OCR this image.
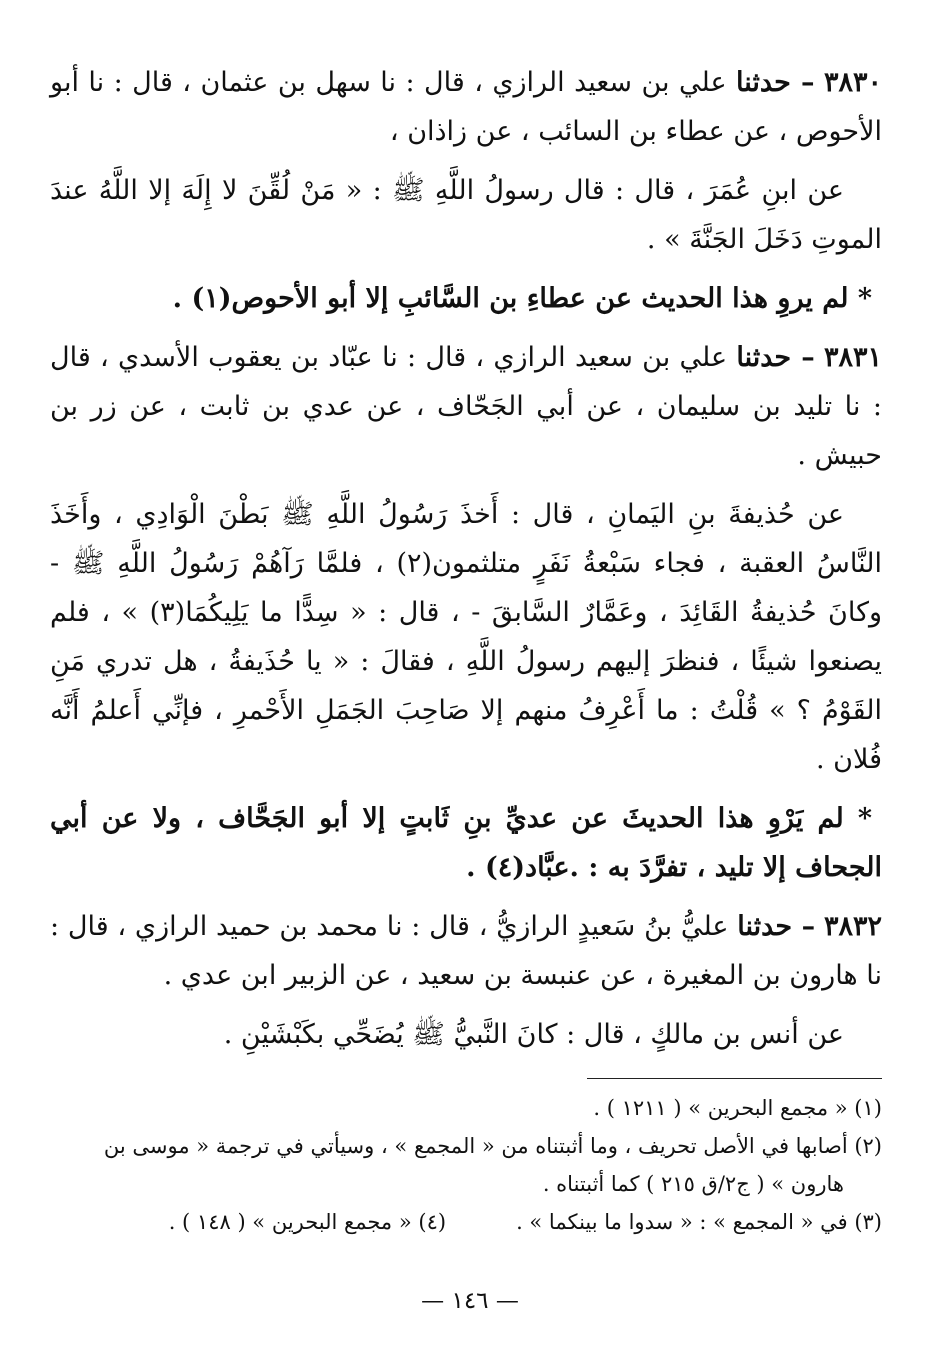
٣٨٣٠ – حدثنا علي بن سعيد الرازي ، قال : نا سهل بن عثمان ، قال : نا أبو الأحوص ، عن عطاء بن السائب ، عن زاذان ،

عن ابنِ عُمَرَ ، قال : قال رسولُ اللَّهِ ﷺ : « مَنْ لُقِّنَ لا إِلَهَ إلا اللَّهُ عندَ الموتِ دَخَلَ الجَنَّةَ » .

* لم يروِ هذا الحديث عن عطاءِ بن السَّائبِ إلا أبو الأحوص(١) .

٣٨٣١ – حدثنا علي بن سعيد الرازي ، قال : نا عبّاد بن يعقوب الأسدي ، قال : نا تليد بن سليمان ، عن أبي الجَحّاف ، عن عدي بن ثابت ، عن زر بن حبيش .

عن حُذيفةَ بنِ اليَمانِ ، قال : أَخذَ رَسُولُ اللَّهِ ﷺ بَطْنَ الْوَادِي ، وأَخَذَ النَّاسُ العقبة ، فجاء سَبْعةُ نَفَرٍ متلثمون(٢) ، فلمَّا رَآهُمْ رَسُولُ اللَّهِ ﷺ - وكانَ حُذيفةُ القَائِدَ ، وعَمَّارٌ السَّابقَ - ، قال : « سِدًّا ما يَلِيكُمَا(٣) » ، فلم يصنعوا شيئًا ، فنظرَ إليهم رسولُ اللَّهِ ، فقالَ : « يا حُذَيفةُ ، هل تدري مَنِ القَوْمُ ؟ » قُلْتُ : ما أَعْرِفُ منهم إلا صَاحِبَ الجَمَلِ الأَحْمرِ ، فإنِّي أَعلمُ أَنَّه فُلان .

* لم يَرْوِ هذا الحديثَ عن عديِّ بنِ ثَابتٍ إلا أبو الجَحَّاف ، ولا عن أبي الجحاف إلا تليد ، تفرَّدَ به : .عبَّاد(٤) .

٣٨٣٢ – حدثنا عليُّ بنُ سَعيدٍ الرازيُّ ، قال : نا محمد بن حميد الرازي ، قال : نا هارون بن المغيرة ، عن عنبسة بن سعيد ، عن الزبير ابن عدي .

عن أنس بن مالكٍ ، قال : كانَ النَّبيُّ ﷺ يُضَحِّي بكَبْشَيْنِ .

(١) « مجمع البحرين » ( ١٢١١ ) .

(٢) أصابها في الأصل تحريف ، وما أثبتناه من « المجمع » ، وسيأتي في ترجمة « موسى بن
هارون » ( ج٢/ق ٢١٥ ) كما أثبتناه .

(٣) في « المجمع » : « سدوا ما بينكما » .

(٤) « مجمع البحرين » ( ١٤٨ ) .

— ١٤٦ —
